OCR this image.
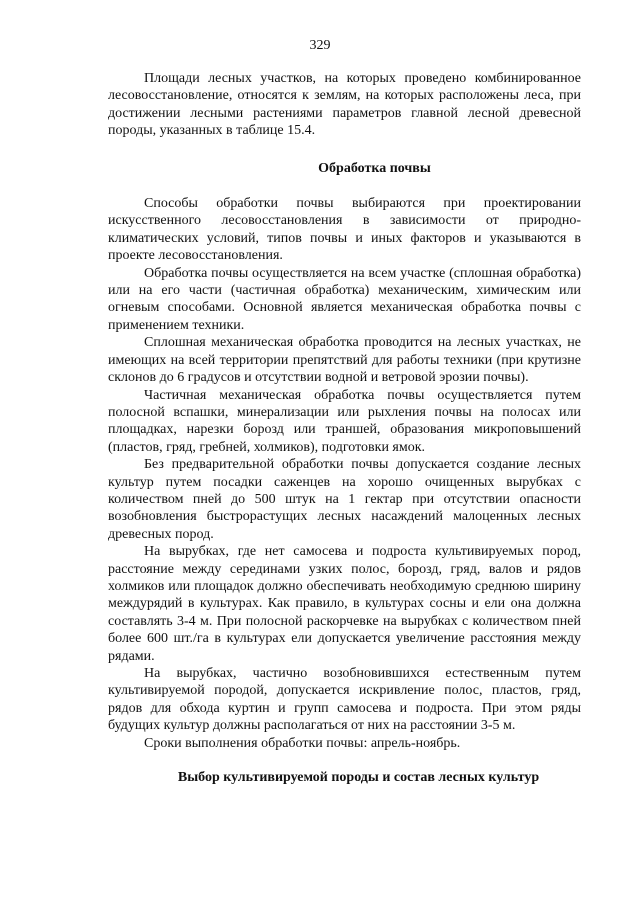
329

Площади лесных участков, на которых проведено комбинированное лесовосстановление, относятся к землям, на которых расположены леса, при достижении лесными растениями параметров главной лесной древесной породы, указанных в таблице 15.4.

Обработка почвы

Способы обработки почвы выбираются при проектировании искусственного лесовосстановления в зависимости от природно-климатических условий, типов почвы и иных факторов и указываются в проекте лесовосстановления.

Обработка почвы осуществляется на всем участке (сплошная обработка) или на его части (частичная обработка) механическим, химическим или огневым способами. Основной является механическая обработка почвы с применением техники.

Сплошная механическая обработка проводится на лесных участках, не имеющих на всей территории препятствий для работы техники (при крутизне склонов до 6 градусов и отсутствии водной и ветровой эрозии почвы).

Частичная механическая обработка почвы осуществляется путем полосной вспашки, минерализации или рыхления почвы на полосах или площадках, нарезки борозд или траншей, образования микроповышений (пластов, гряд, гребней, холмиков), подготовки ямок.

Без предварительной обработки почвы допускается создание лесных культур путем посадки саженцев на хорошо очищенных вырубках с количеством пней до 500 штук на 1 гектар при отсутствии опасности возобновления быстрорастущих лесных насаждений малоценных лесных древесных пород.

На вырубках, где нет самосева и подроста культивируемых пород, расстояние между серединами узких полос, борозд, гряд, валов и рядов холмиков или площадок должно обеспечивать необходимую среднюю ширину междурядий в культурах. Как правило, в культурах сосны и ели она должна составлять 3-4 м. При полосной раскорчевке на вырубках с количеством пней более 600 шт./га в культурах ели допускается увеличение расстояния между рядами.

На вырубках, частично возобновившихся естественным путем культивируемой породой, допускается искривление полос, пластов, гряд, рядов для обхода куртин и групп самосева и подроста. При этом ряды будущих культур должны располагаться от них на расстоянии 3-5 м.

Сроки выполнения обработки почвы: апрель-ноябрь.

Выбор культивируемой породы и состав лесных культур
